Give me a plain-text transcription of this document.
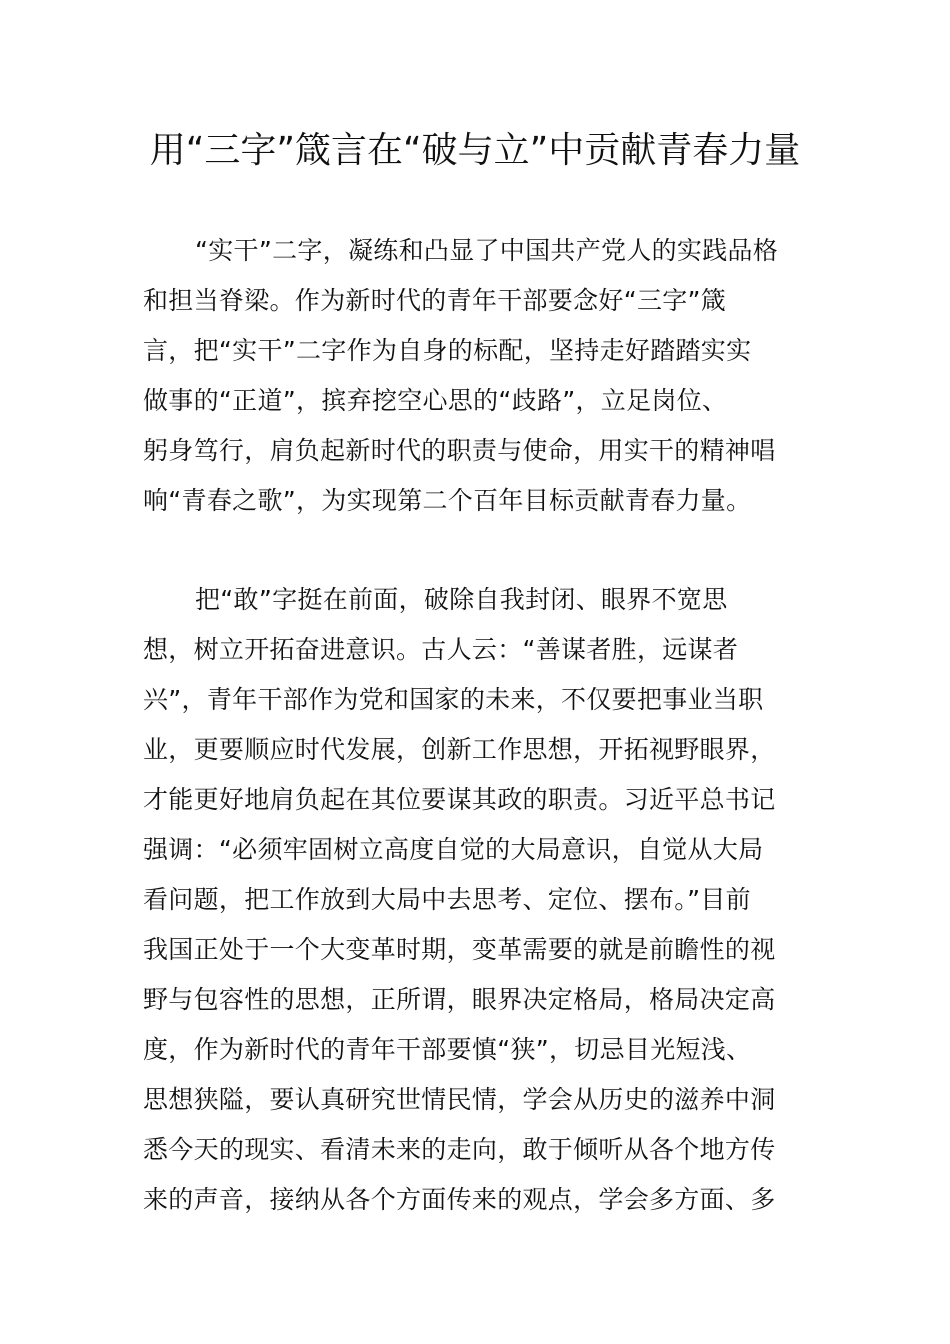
用“三字”箴言在“破与立”中贡献青春力量
“实干”二字，凝练和凸显了中国共产党人的实践品格
和担当脊梁。作为新时代的青年干部要念好“三字”箴
言，把“实干”二字作为自身的标配，坚持走好踏踏实实
做事的“正道”，摈弃挖空心思的“歧路”，立足岗位、
躬身笃行，肩负起新时代的职责与使命，用实干的精神唱
响“青春之歌”，为实现第二个百年目标贡献青春力量。
把“敢”字挺在前面，破除自我封闭、眼界不宽思
想，树立开拓奋进意识。古人云：“善谋者胜，远谋者
兴”，青年干部作为党和国家的未来，不仅要把事业当职
业，更要顺应时代发展，创新工作思想，开拓视野眼界，
才能更好地肩负起在其位要谋其政的职责。习近平总书记
强调：“必须牢固树立高度自觉的大局意识，自觉从大局
看问题，把工作放到大局中去思考、定位、摆布。”目前
我国正处于一个大变革时期，变革需要的就是前瞻性的视
野与包容性的思想，正所谓，眼界决定格局，格局决定高
度，作为新时代的青年干部要慎“狭”，切忌目光短浅、
思想狭隘，要认真研究世情民情，学会从历史的滋养中洞
悉今天的现实、看清未来的走向，敢于倾听从各个地方传
来的声音，接纳从各个方面传来的观点，学会多方面、多
